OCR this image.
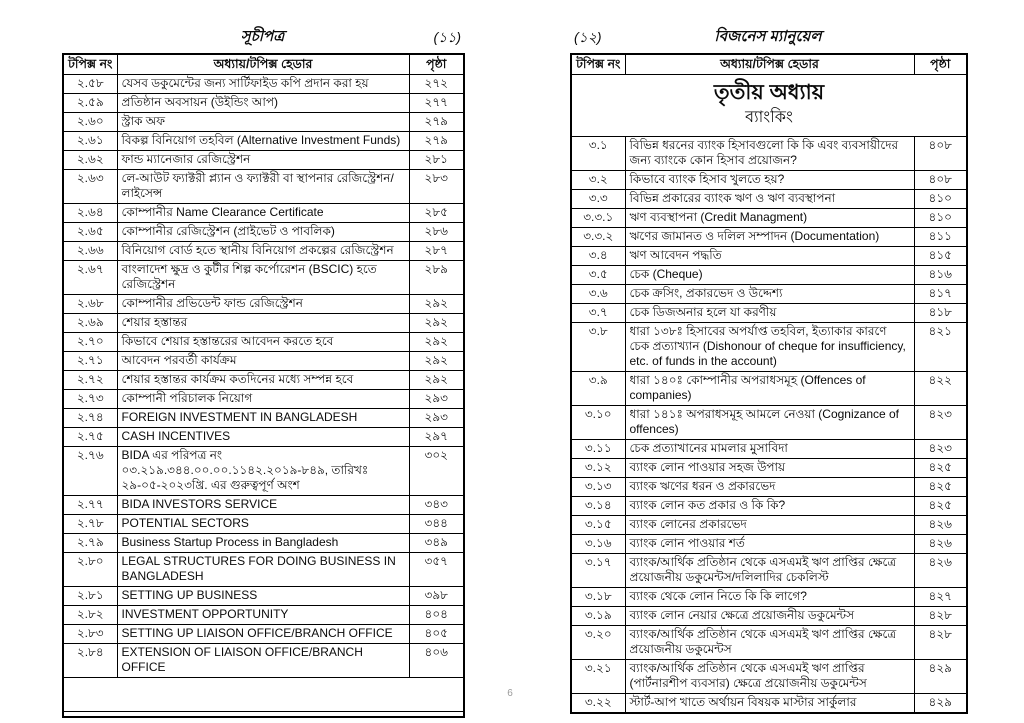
সূচীপত্র	(১১)
টপিক্স নং	অধ্যায়/টপিক্স হেডার	পৃষ্ঠা
২.৫৮	যেসব ডকুমেন্টের জন্য সার্টিফাইড কপি প্রদান করা হয়	২৭২
২.৫৯	প্রতিষ্ঠান অবসায়ন (উইন্ডিং আপ)	২৭৭
২.৬০	স্ট্রাক অফ	২৭৯
২.৬১	বিকল্প বিনিয়োগ তহবিল (Alternative Investment Funds)	২৭৯
২.৬২	ফান্ড ম্যানেজার রেজিস্ট্রেশন	২৮১
২.৬৩	লে-আউট ফ্যাক্টরী প্ল্যান ও ফ্যাক্টরী বা স্থাপনার রেজিস্ট্রেশন/লাইসেন্স	২৮৩
২.৬৪	কোম্পানীর Name Clearance Certificate	২৮৫
২.৬৫	কোম্পানীর রেজিস্ট্রেশন (প্রাইভেট ও পাবলিক)	২৮৬
২.৬৬	বিনিয়োগ বোর্ড হতে স্থানীয় বিনিয়োগ প্রকল্পের রেজিস্ট্রেশন	২৮৭
২.৬৭	বাংলাদেশ ক্ষুদ্র ও কুটীর শিল্প কর্পোরেশন (BSCIC) হতে রেজিস্ট্রেশন	২৮৯
২.৬৮	কোম্পানীর প্রভিডেন্ট ফান্ড রেজিস্ট্রেশন	২৯২
২.৬৯	শেয়ার হস্তান্তর	২৯২
২.৭০	কিভাবে শেয়ার হস্তান্তরের আবেদন করতে হবে	২৯২
২.৭১	আবেদন পরবর্তী কার্যক্রম	২৯২
২.৭২	শেয়ার হস্তান্তর কার্যক্রম কতদিনের মধ্যে সম্পন্ন হবে	২৯২
২.৭৩	কোম্পানী পরিচালক নিয়োগ	২৯৩
২.৭৪	FOREIGN INVESTMENT IN BANGLADESH	২৯৩
২.৭৫	CASH INCENTIVES	২৯৭
২.৭৬	BIDA এর পরিপত্র নং ০৩.২১৯.৩৪৪.০০.০০.১১৪২.২০১৯-৮৪৯, তারিখঃ ২৯-০৫-২০২৩খ্রি. এর গুরুত্বপূর্ণ অংশ	৩০২
২.৭৭	BIDA INVESTORS SERVICE	৩৪৩
২.৭৮	POTENTIAL SECTORS	৩৪৪
২.৭৯	Business Startup Process in Bangladesh	৩৪৯
২.৮০	LEGAL STRUCTURES FOR DOING BUSINESS IN BANGLADESH	৩৫৭
২.৮১	SETTING UP BUSINESS	৩৯৮
২.৮২	INVESTMENT OPPORTUNITY	৪০৪
২.৮৩	SETTING UP LIAISON OFFICE/BRANCH OFFICE	৪০৫
২.৮৪	EXTENSION OF LIAISON OFFICE/BRANCH OFFICE	৪০৬

(১২)	বিজনেস ম্যানুয়েল
টপিক্স নং	অধ্যায়/টপিক্স হেডার	পৃষ্ঠা

তৃতীয় অধ্যায়
ব্যাংকিং		

৩.১	বিভিন্ন ধরনের ব্যাংক হিসাবগুলো কি কি এবং ব্যবসায়ীদের জন্য ব্যাংকে কোন হিসাব প্রয়োজন?	৪০৮
৩.২	কিভাবে ব্যাংক হিসাব খুলতে হয়?	৪০৮
৩.৩	বিভিন্ন প্রকারের ব্যাংক ঋণ ও ঋণ ব্যবস্থাপনা	৪১০
৩.৩.১	ঋণ ব্যবস্থাপনা (Credit Managment)	৪১০
৩.৩.২	ঋণের জামানত ও দলিল সম্পাদন (Documentation)	৪১১
৩.৪	ঋণ আবেদন পদ্ধতি	৪১৫
৩.৫	চেক (Cheque)	৪১৬
৩.৬	চেক ক্রসিং, প্রকারভেদ ও উদ্দেশ্য	৪১৭
৩.৭	চেক ডিজঅনার হলে যা করণীয়	৪১৮
৩.৮	ধারা ১৩৮ঃ হিসাবের অপর্যাপ্ত তহবিল, ইত্যাকার কারণে চেক প্রত্যাখ্যান (Dishonour of cheque for insufficiency, etc. of funds in the account)	৪২১
৩.৯	ধারা ১৪০ঃ কোম্পানীর অপরাধসমূহ (Offences of companies)	৪২২
৩.১০	ধারা ১৪১ঃ অপরাধসমূহ আমলে নেওয়া (Cognizance of offences)	৪২৩
৩.১১	চেক প্রত্যাখানের মামলার মুসাবিদা	৪২৩
৩.১২	ব্যাংক লোন পাওয়ার সহজ উপায়	৪২৫
৩.১৩	ব্যাংক ঋণের ধরন ও প্রকারভেদ	৪২৫
৩.১৪	ব্যাংক লোন কত প্রকার ও কি কি?	৪২৫
৩.১৫	ব্যাংক লোনের প্রকারভেদ	৪২৬
৩.১৬	ব্যাংক লোন পাওয়ার শর্ত	৪২৬
৩.১৭	ব্যাংক/আর্থিক প্রতিষ্ঠান থেকে এসএমই ঋণ প্রাপ্তির ক্ষেত্রে প্রয়োজনীয় ডকুমেন্টস/দলিলাদির চেকলিস্ট	৪২৬
৩.১৮	ব্যাংক থেকে লোন নিতে কি কি লাগে?	৪২৭
৩.১৯	ব্যাংক লোন নেয়ার ক্ষেত্রে প্রয়োজনীয় ডকুমেন্টস	৪২৮
৩.২০	ব্যাংক/আর্থিক প্রতিষ্ঠান থেকে এসএমই ঋণ প্রাপ্তির ক্ষেত্রে প্রয়োজনীয় ডকুমেন্টস	৪২৮
৩.২১	ব্যাংক/আর্থিক প্রতিষ্ঠান থেকে এসএমই ঋণ প্রাপ্তির (পার্টনারশীপ ব্যবসার) ক্ষেত্রে প্রয়োজনীয় ডকুমেন্টস	৪২৯
৩.২২	স্টার্ট-আপ খাতে অর্থায়ন বিষয়ক মাস্টার সার্কুলার	৪২৯
6
